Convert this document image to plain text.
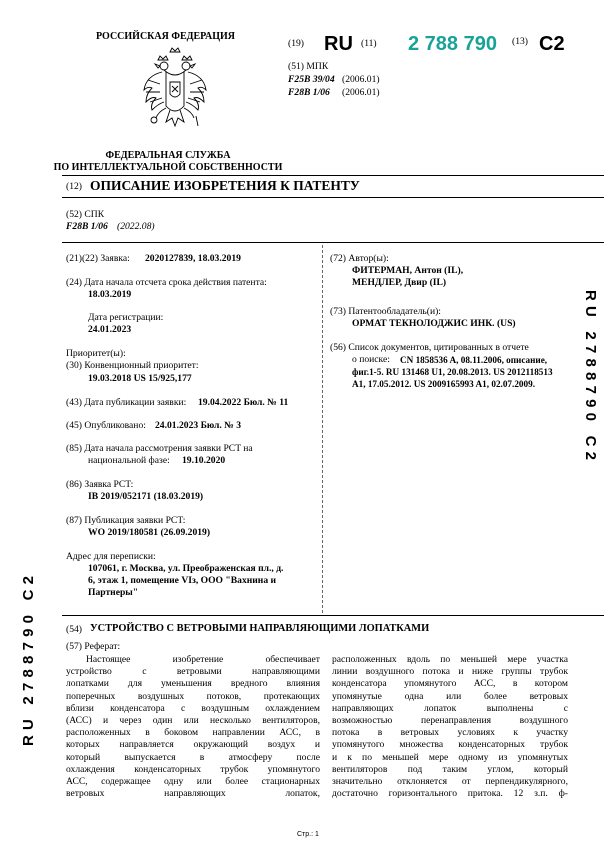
РОССИЙСКАЯ ФЕДЕРАЦИЯ
ФЕДЕРАЛЬНАЯ СЛУЖБА
ПО ИНТЕЛЛЕКТУАЛЬНОЙ СОБСТВЕННОСТИ
(19) RU (11) 2 788 790 (13) C2
(51) МПК
F25B 39/04 (2006.01)
F28B 1/06 (2006.01)
(12) ОПИСАНИЕ ИЗОБРЕТЕНИЯ К ПАТЕНТУ
(52) СПК
F28B 1/06 (2022.08)
(21)(22) Заявка: 2020127839, 18.03.2019
(24) Дата начала отсчета срока действия патента:
18.03.2019
Дата регистрации:
24.01.2023
Приоритет(ы):
(30) Конвенционный приоритет:
19.03.2018 US 15/925,177
(43) Дата публикации заявки: 19.04.2022 Бюл. № 11
(45) Опубликовано: 24.01.2023 Бюл. № 3
(85) Дата начала рассмотрения заявки PCT на
национальной фазе: 19.10.2020
(86) Заявка PCT:
IB 2019/052171 (18.03.2019)
(87) Публикация заявки PCT:
WO 2019/180581 (26.09.2019)
Адрес для переписки:
107061, г. Москва, ул. Преображенская пл., д.
6, этаж 1, помещение VIз, ООО "Вахнина и
Партнеры"
(72) Автор(ы):
ФИТЕРМАН, Антон (IL),
МЕНДЛЕР, Двир (IL)
(73) Патентообладатель(и):
ОРМАТ ТЕКНОЛОДЖИС ИНК. (US)
(56) Список документов, цитированных в отчете
о поиске: CN 1858536 A, 08.11.2006, описание,
фиг.1-5. RU 131468 U1, 20.08.2013. US 2012118513
A1, 17.05.2012. US 2009165993 A1, 02.07.2009.
(54) УСТРОЙСТВО С ВЕТРОВЫМИ НАПРАВЛЯЮЩИМИ ЛОПАТКАМИ
(57) Реферат:
Настоящее изобретение обеспечивает
устройство с ветровыми направляющими
лопатками для уменьшения вредного влияния
поперечных воздушных потоков, протекающих
вблизи конденсатора с воздушным охлаждением
(АСС) и через один или несколько вентиляторов,
расположенных в боковом направлении АСС, в
которых направляется окружающий воздух и
который выпускается в атмосферу после
охлаждения конденсаторных трубок упомянутого
АСС, содержащее одну или более стационарных
ветровых направляющих лопаток,
расположенных вдоль по меньшей мере участка
линии воздушного потока и ниже группы трубок
конденсатора упомянутого АСС, в котором
упомянутые одна или более ветровых
направляющих лопаток выполнены с
возможностью перенаправления воздушного
потока в ветровых условиях к участку
упомянутого множества конденсаторных трубок
и к по меньшей мере одному из упомянутых
вентиляторов под таким углом, который
значительно отклоняется от перпендикулярного,
достаточно горизонтального притока. 12 з.п. ф-
RU 2788790 C2
RU 2788790 C2
Стр.: 1
